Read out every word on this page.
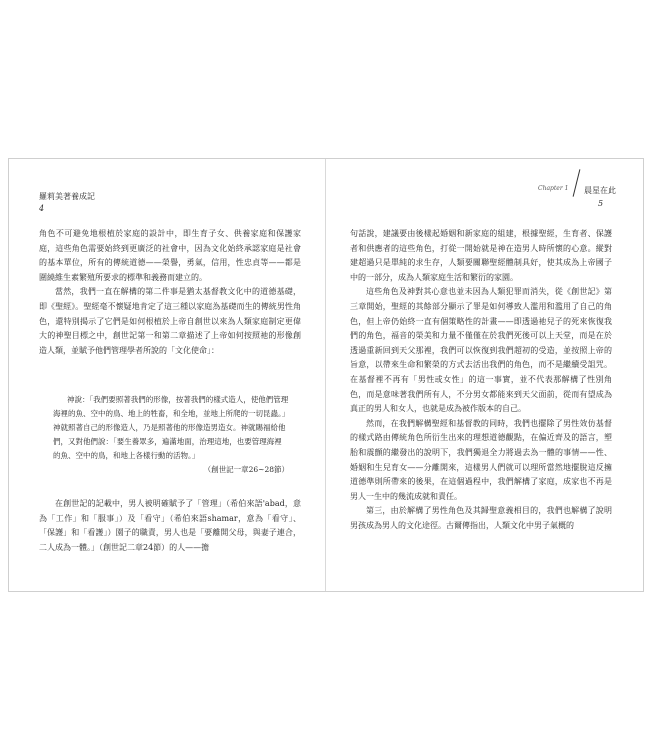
羅莉美著養成記
4

角色不可避免地根植於家庭的設計中，即生育子女、供養家庭和保護家庭，這些角色需要始終到更廣泛的社會中，因為文化始終承認家庭是社會的基本單位，所有的傳統道德——榮譽，勇氣，信用，性忠貞等——都是圍繞維生素繁殖所要求的標準和義務而建立的。

當然，我們一直在解構的第二件事是猶太基督教文化中的道德基礎，即《聖經》。聖經毫不懷疑地肯定了這三種以家庭為基礎而生的傳統男性角色，還特別揭示了它們是如何根植於上帝自創世以來為人類家庭制定更偉大的神聖目標之中，創世記第一和第二章描述了上帝如何按照祂的形像創造人類，並賦予他們管理學者所說的「文化使命」：

神說：「我們要照著我們的形像，按著我們的樣式造人，使他們管理海裡的魚、空中的鳥、地上的牲畜，和全地，並地上所爬的一切昆蟲。」神就照著自己的形像造人，乃是照著他的形像造男造女。神就賜福給他們，又對他們說：「要生養眾多，遍滿地面，治理這地，也要管理海裡的魚、空中的鳥，和地上各樣行動的活物。」

（創世記一章26~28節）

在創世記的記載中，男人被明確賦予了「管理」（希伯來語'abad，意為「工作」和「服事」）及「看守」（希伯來語shamar，意為「看守」、「保護」和「看護」）園子的職責，男人也是「要離開父母，與妻子連合，二人成為一體。」（創世記二章24節）的人——擔

Chapter 1 晨星在此
5

句話說，建議要由後樣起婚姻和新家庭的組建，根據聖經，生育者、保護者和供應者的這些角色，打從一開始就是神在造男人時所懷的心意。縱對建超過只是單純的求生存，人類要關聯聖經體制具好，使其成為上帝國子中的一部分，成為人類家庭生活和繁衍的家園。

這些角色及神對其心意也並未因為人類犯罪而消失，從《創世記》第三章開始，聖經的其餘部分顯示了罪是如何導致人濫用和濫用了自己的角色，但上帝仍始終一直有個策略性的計畫——即透過祂兒子的死來恢復我們的角色，福音的榮美和力量不僅僅在於我們死後可以上天堂，而是在於透過重新回到天父那裡，我們可以恢復到我們超初的受造，並按照上帝的旨意，以帶來生命和繁榮的方式去活出我們的角色，而不是繼續受詛咒。在基督裡不再有「男性或女性」的這一事實，並不代表那解構了性別角色，而是意味著我們所有人，不分男女都能來到天父面前，從而有望成為真正的男人和女人，也就是成為被作版本的自己。

然而，在我們解構聖經和基督教的同時，我們也擺除了男性效仿基督的樣式路由傳統角色所衍生出來的理想道德觀點，在偏近齊及的語言，塑胎和震顫的繼發出的說明下，我們獨退全力將過去為一體的事情——性、婚姻和生兒育女——分離開來，這樣男人們就可以理所當然地擺脫這反擁道德準則所帶來的後果，在這個過程中，我們解構了家庭，成家也不再是男人一生中的幾流成就和責任。

第三，由於解構了男性角色及其歸聖意義相目的，我們也解構了說明男孩成為男人的文化途徑。古爾傳指出，人類文化中男子氣概的
